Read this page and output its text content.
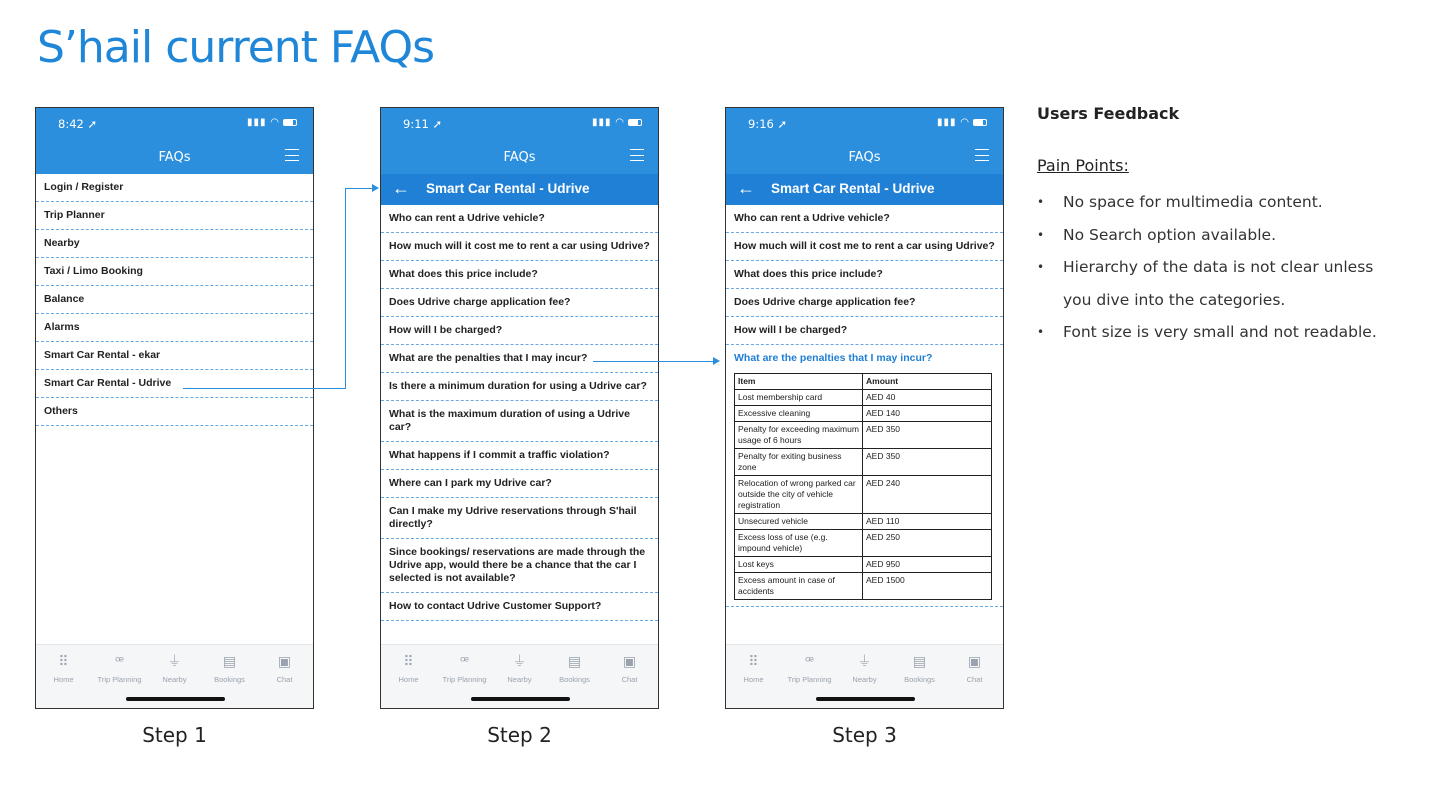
S’hail current FAQs
8:42 ➚	▮▮▮ ◠
FAQs
Login / Register
Trip Planner
Nearby
Taxi / Limo Booking
Balance
Alarms
Smart Car Rental - ekar
Smart Car Rental - Udrive
Others
⠿
Home
ꟹ
Trip Planning
⏚
Nearby
▤
Bookings
▣
Chat
9:11 ➚	▮▮▮ ◠
FAQs
← Smart Car Rental - Udrive
Who can rent a Udrive vehicle?
How much will it cost me to rent a car using Udrive?
What does this price include?
Does Udrive charge application fee?
How will I be charged?
What are the penalties that I may incur?
Is there a minimum duration for using a Udrive car?
What is the maximum duration of using a Udrive car?
What happens if I commit a traffic violation?
Where can I park my Udrive car?
Can I make my Udrive reservations through S'hail directly?
Since bookings/ reservations are made through the Udrive app, would there be a chance that the car I selected is not available?
How to contact Udrive Customer Support?
⠿
Home
ꟹ
Trip Planning
⏚
Nearby
▤
Bookings
▣
Chat
9:16 ➚	▮▮▮ ◠
FAQs
← Smart Car Rental - Udrive
Who can rent a Udrive vehicle?
How much will it cost me to rent a car using Udrive?
What does this price include?
Does Udrive charge application fee?
How will I be charged?
What are the penalties that I may incur?
Item	Amount
Lost membership card	AED 40
Excessive cleaning	AED 140
Penalty for exceeding maximum usage of 6 hours	AED 350
Penalty for exiting business zone	AED 350
Relocation of wrong parked car outside the city of vehicle registration	AED 240
Unsecured vehicle	AED 110
Excess loss of use (e.g. impound vehicle)	AED 250
Lost keys	AED 950
Excess amount in case of accidents	AED 1500
⠿
Home
ꟹ
Trip Planning
⏚
Nearby
▤
Bookings
▣
Chat
Step 1	Step 2	Step 3
Users Feedback
Pain Points:
• No space for multimedia content.
• No Search option available.
• Hierarchy of the data is not clear unless you dive into the categories.
• Font size is very small and not readable.
